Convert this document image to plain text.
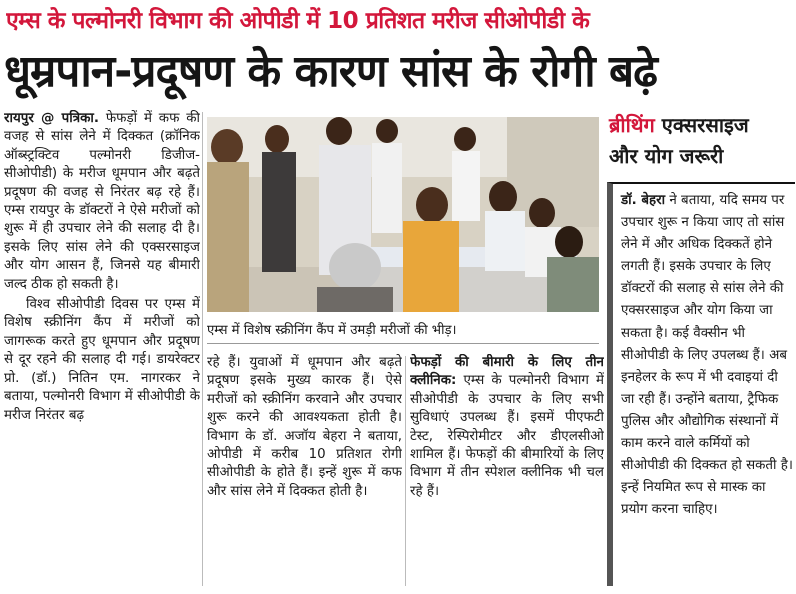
एम्स के पल्मोनरी विभाग की ओपीडी में 10 प्रतिशत मरीज सीओपीडी के
धूम्रपान-प्रदूषण के कारण सांस के रोगी बढ़े

रायपुर @ पत्रिका. फेफड़ों में कफ की वजह से सांस लेने में दिक्कत (क्रॉनिक ऑब्स्ट्रक्टिव पल्मोनरी डिजीज- सीओपीडी) के मरीज धूमपान और बढ़ते प्रदूषण की वजह से निरंतर बढ़ रहे हैं। एम्स रायपुर के डॉक्टरों ने ऐसे मरीजों को शुरू में ही उपचार लेने की सलाह दी है। इसके लिए सांस लेने की एक्सरसाइज और योग आसन हैं, जिनसे यह बीमारी जल्द ठीक हो सकती है।

विश्व सीओपीडी दिवस पर एम्स में विशेष स्क्रीनिंग कैंप में मरीजों को जागरूक करते हुए धूमपान और प्रदूषण से दूर रहने की सलाह दी गई। डायरेक्टर प्रो. (डॉ.) नितिन एम. नागरकर ने बताया, पल्मोनरी विभाग में सीओपीडी के मरीज निरंतर बढ़

एम्स में विशेष स्क्रीनिंग कैंप में उमड़ी मरीजों की भीड़।

रहे हैं। युवाओं में धूमपान और बढ़ते प्रदूषण इसके मुख्य कारक हैं। ऐसे मरीजों को स्क्रीनिंग करवाने और उपचार शुरू करने की आवश्यकता होती है। विभाग के डॉ. अजॉय बेहरा ने बताया, ओपीडी में करीब 10 प्रतिशत रोगी सीओपीडी के होते हैं। इन्हें शुरू में कफ और सांस लेने में दिक्कत होती है।

फेफड़ों की बीमारी के लिए तीन क्लीनिक: एम्स के पल्मोनरी विभाग में सीओपीडी के उपचार के लिए सभी सुविधाएं उपलब्ध हैं। इसमें पीएफटी टेस्ट, रेस्पिरोमीटर और डीएलसीओ शामिल हैं। फेफड़ों की बीमारियों के लिए विभाग में तीन स्पेशल क्लीनिक भी चल रहे हैं।

ब्रीथिंग एक्सरसाइज
और योग जरूरी
डॉ. बेहरा ने बताया, यदि समय पर उपचार शुरू न किया जाए तो सांस लेने में और अधिक दिक्कतें होने लगती हैं। इसके उपचार के लिए डॉक्टरों की सलाह से सांस लेने की एक्सरसाइज और योग किया जा सकता है। कई वैक्सीन भी सीओपीडी के लिए उपलब्ध हैं। अब इनहेलर के रूप में भी दवाइयां दी जा रही हैं। उन्होंने बताया, ट्रैफिक पुलिस और औद्योगिक संस्थानों में काम करने वाले कर्मियों को सीओपीडी की दिक्कत हो सकती है। इन्हें नियमित रूप से मास्क का प्रयोग करना चाहिए।
